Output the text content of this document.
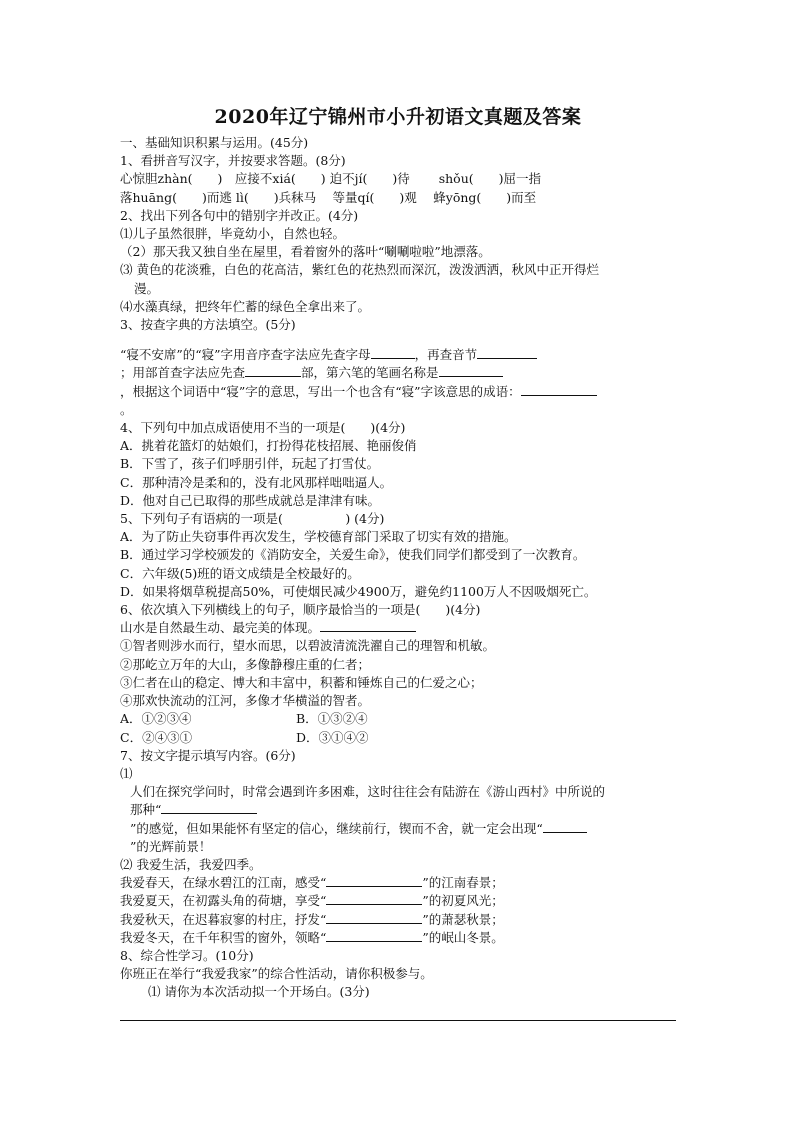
2020年辽宁锦州市小升初语文真题及答案
一、基础知识积累与运用。(45分)
1、看拼音写汉字，并按要求答题。(8分)
心惊胆zhàn(　　)　应接不xiá(　　) 迫不jí(　　)待　　 shǒu(　　)屈一指
落huāng(　　)而逃 lì(　　)兵秣马　 等量qí(　　)观　 蜂yōng(　　)而至
2、找出下列各句中的错别字并改正。(4分)
⑴儿子虽然很胖，毕竟幼小，自然也轻。
（2）那天我又独自坐在屋里，看着窗外的落叶“唰唰啦啦”地漂落。
⑶ 黄色的花淡雅，白色的花高洁，紫红色的花热烈而深沉，泼泼洒洒，秋风中正开得烂
漫。
⑷水藻真绿，把终年伫蓄的绿色全拿出来了。
3、按查字典的方法填空。(5分)
“寝不安席”的“寝”字用音序查字法应先查字母	，再查音节
；用部首查字法应先查	部，第六笔的笔画名称是
，根据这个词语中“寝”字的意思，写出一个也含有“寝”字该意思的成语：
。
4、下列句中加点成语使用不当的一项是(　　)(4分)
A．挑着花篮灯的姑娘们，打扮得花枝招展、艳丽俊俏
B．下雪了，孩子们呼朋引伴，玩起了打雪仗。
C．那种清冷是柔和的，没有北风那样咄咄逼人。
D．他对自己已取得的那些成就总是津津有味。
5、下列句子有语病的一项是(　　　　　) (4分)
A．为了防止失窃事件再次发生，学校德育部门采取了切实有效的措施。
B．通过学习学校颁发的《消防安全，关爱生命》，使我们同学们都受到了一次教育。
C．六年级(5)班的语文成绩是全校最好的。
D．如果将烟草税提高50%，可使烟民减少4900万，避免约1100万人不因吸烟死亡。
6、依次填入下列横线上的句子，顺序最恰当的一项是(　　)(4分)
山水是自然最生动、最完美的体现。
①智者则涉水而行，望水而思，以碧波清流洗濯自己的理智和机敏。
②那屹立万年的大山，多像静穆庄重的仁者；
③仁者在山的稳定、博大和丰富中，积蓄和锤炼自己的仁爱之心；
④那欢快流动的江河，多像才华横溢的智者。
A．①②③④	B．①③②④
C．②④③①	D．③①④②
7、按文字提示填写内容。(6分)
⑴
人们在探究学问时，时常会遇到许多困难，这时往往会有陆游在《游山西村》中所说的
那种“
”的感觉，但如果能怀有坚定的信心，继续前行，锲而不舍，就一定会出现“
”的光辉前景！
⑵ 我爱生活，我爱四季。
我爱春天，在绿水碧江的江南，感受“	”的江南春景；
我爱夏天，在初露头角的荷塘，享受“	”的初夏风光；
我爱秋天，在迟暮寂寥的村庄，抒发“	”的萧瑟秋景；
我爱冬天，在千年积雪的窗外，领略“	”的岷山冬景。
8、综合性学习。(10分)
你班正在举行“我爱我家”的综合性活动，请你积极参与。
⑴ 请你为本次活动拟一个开场白。(3分)
